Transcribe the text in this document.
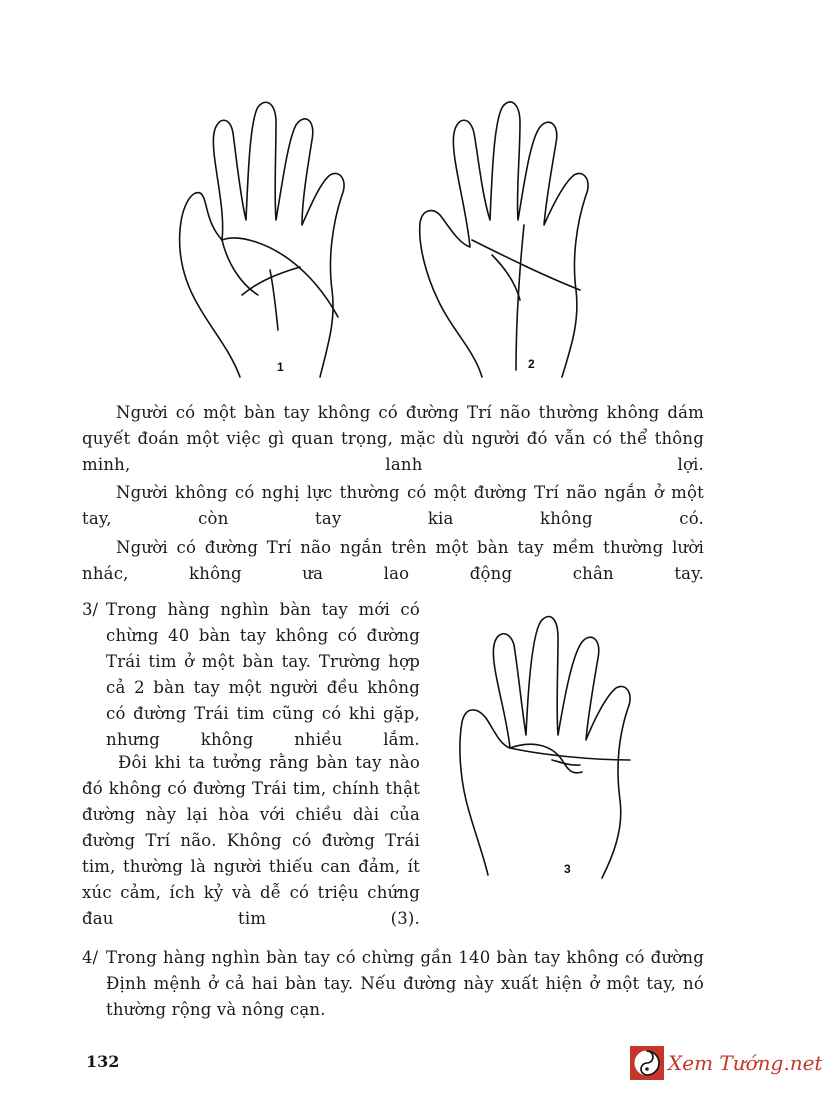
1	2

Người có một bàn tay không có đường Trí não thường không dám quyết đoán một việc gì quan trọng, mặc dù người đó vẫn có thể thông minh, lanh lợi.

Người không có nghị lực thường có một đường Trí não ngắn ở một tay, còn tay kia không có.

Người có đường Trí não ngắn trên một bàn tay mềm thường lười nhác, không ưa lao động chân tay.

3/ Trong hàng nghìn bàn tay mới có chừng 40 bàn tay không có đường Trái tim ở một bàn tay. Trường hợp cả 2 bàn tay một người đều không có đường Trái tim cũng có khi gặp, nhưng không nhiều lắm.

Đôi khi ta tưởng rằng bàn tay nào đó không có đường Trái tim, chính thật đường này lại hòa với chiều dài của đường Trí não. Không có đường Trái tim, thường là người thiếu can đảm, ít xúc cảm, ích kỷ và dễ có triệu chứng đau tim (3).

3
4/ Trong hàng nghìn bàn tay có chừng gần 140 bàn tay không có đường Định mệnh ở cả hai bàn tay. Nếu đường này xuất hiện ở một tay, nó thường rộng và nông cạn.

132	Xem Tướng.net
